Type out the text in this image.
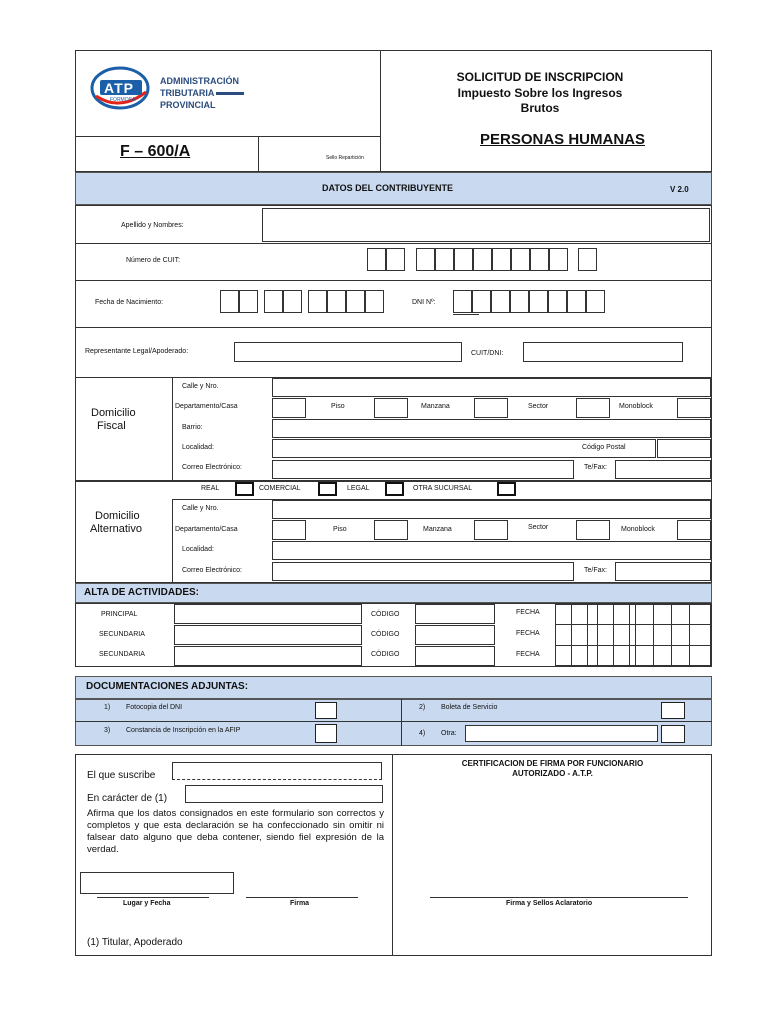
ATP
FORMOSA
ADMINISTRACIÓN
TRIBUTARIA
PROVINCIAL
SOLICITUD DE INSCRIPCION
Impuesto Sobre los Ingresos
Brutos
F – 600/A	Sello Repartición
PERSONAS HUMANAS
DATOS DEL CONTRIBUYENTE	V 2.0
Apellido y Nombres:
Número de CUIT:
Fecha de Nacimiento:	DNI Nº:
Representante Legal/Apoderado:	CUIT/DNI:
Domicilio
Fiscal
Calle y Nro.
Departamento/Casa	Piso	Manzana	Sector	Monoblock
Barrio:
Localidad:	Código Postal
Correo Electrónico:	Te/Fax:
REAL	COMERCIAL	LEGAL	OTRA SUCURSAL
Domicilio
Alternativo
Calle y Nro.
Departamento/Casa	Piso	Manzana	Sector	Monoblock
Localidad:
Correo Electrónico:	Te/Fax:
ALTA DE ACTIVIDADES:
PRINCIPAL	CÓDIGO	FECHA
SECUNDARIA	CÓDIGO	FECHA
SECUNDARIA	CÓDIGO	FECHA
DOCUMENTACIONES ADJUNTAS:
1) Fotocopia del DNI	2) Boleta de Servicio
3) Constancia de Inscripción en la AFIP	4) Otra:
El que suscribe
En carácter de (1)
Afirma que los datos consignados en este formulario son correctos y completos y que esta declaración se ha confeccionado sin omitir ni falsear dato alguno que deba contener, siendo fiel expresión de la verdad.
Lugar y Fecha	Firma
(1) Titular, Apoderado
CERTIFICACION DE FIRMA POR FUNCIONARIO
AUTORIZADO - A.T.P.
Firma y Sellos Aclaratorio
